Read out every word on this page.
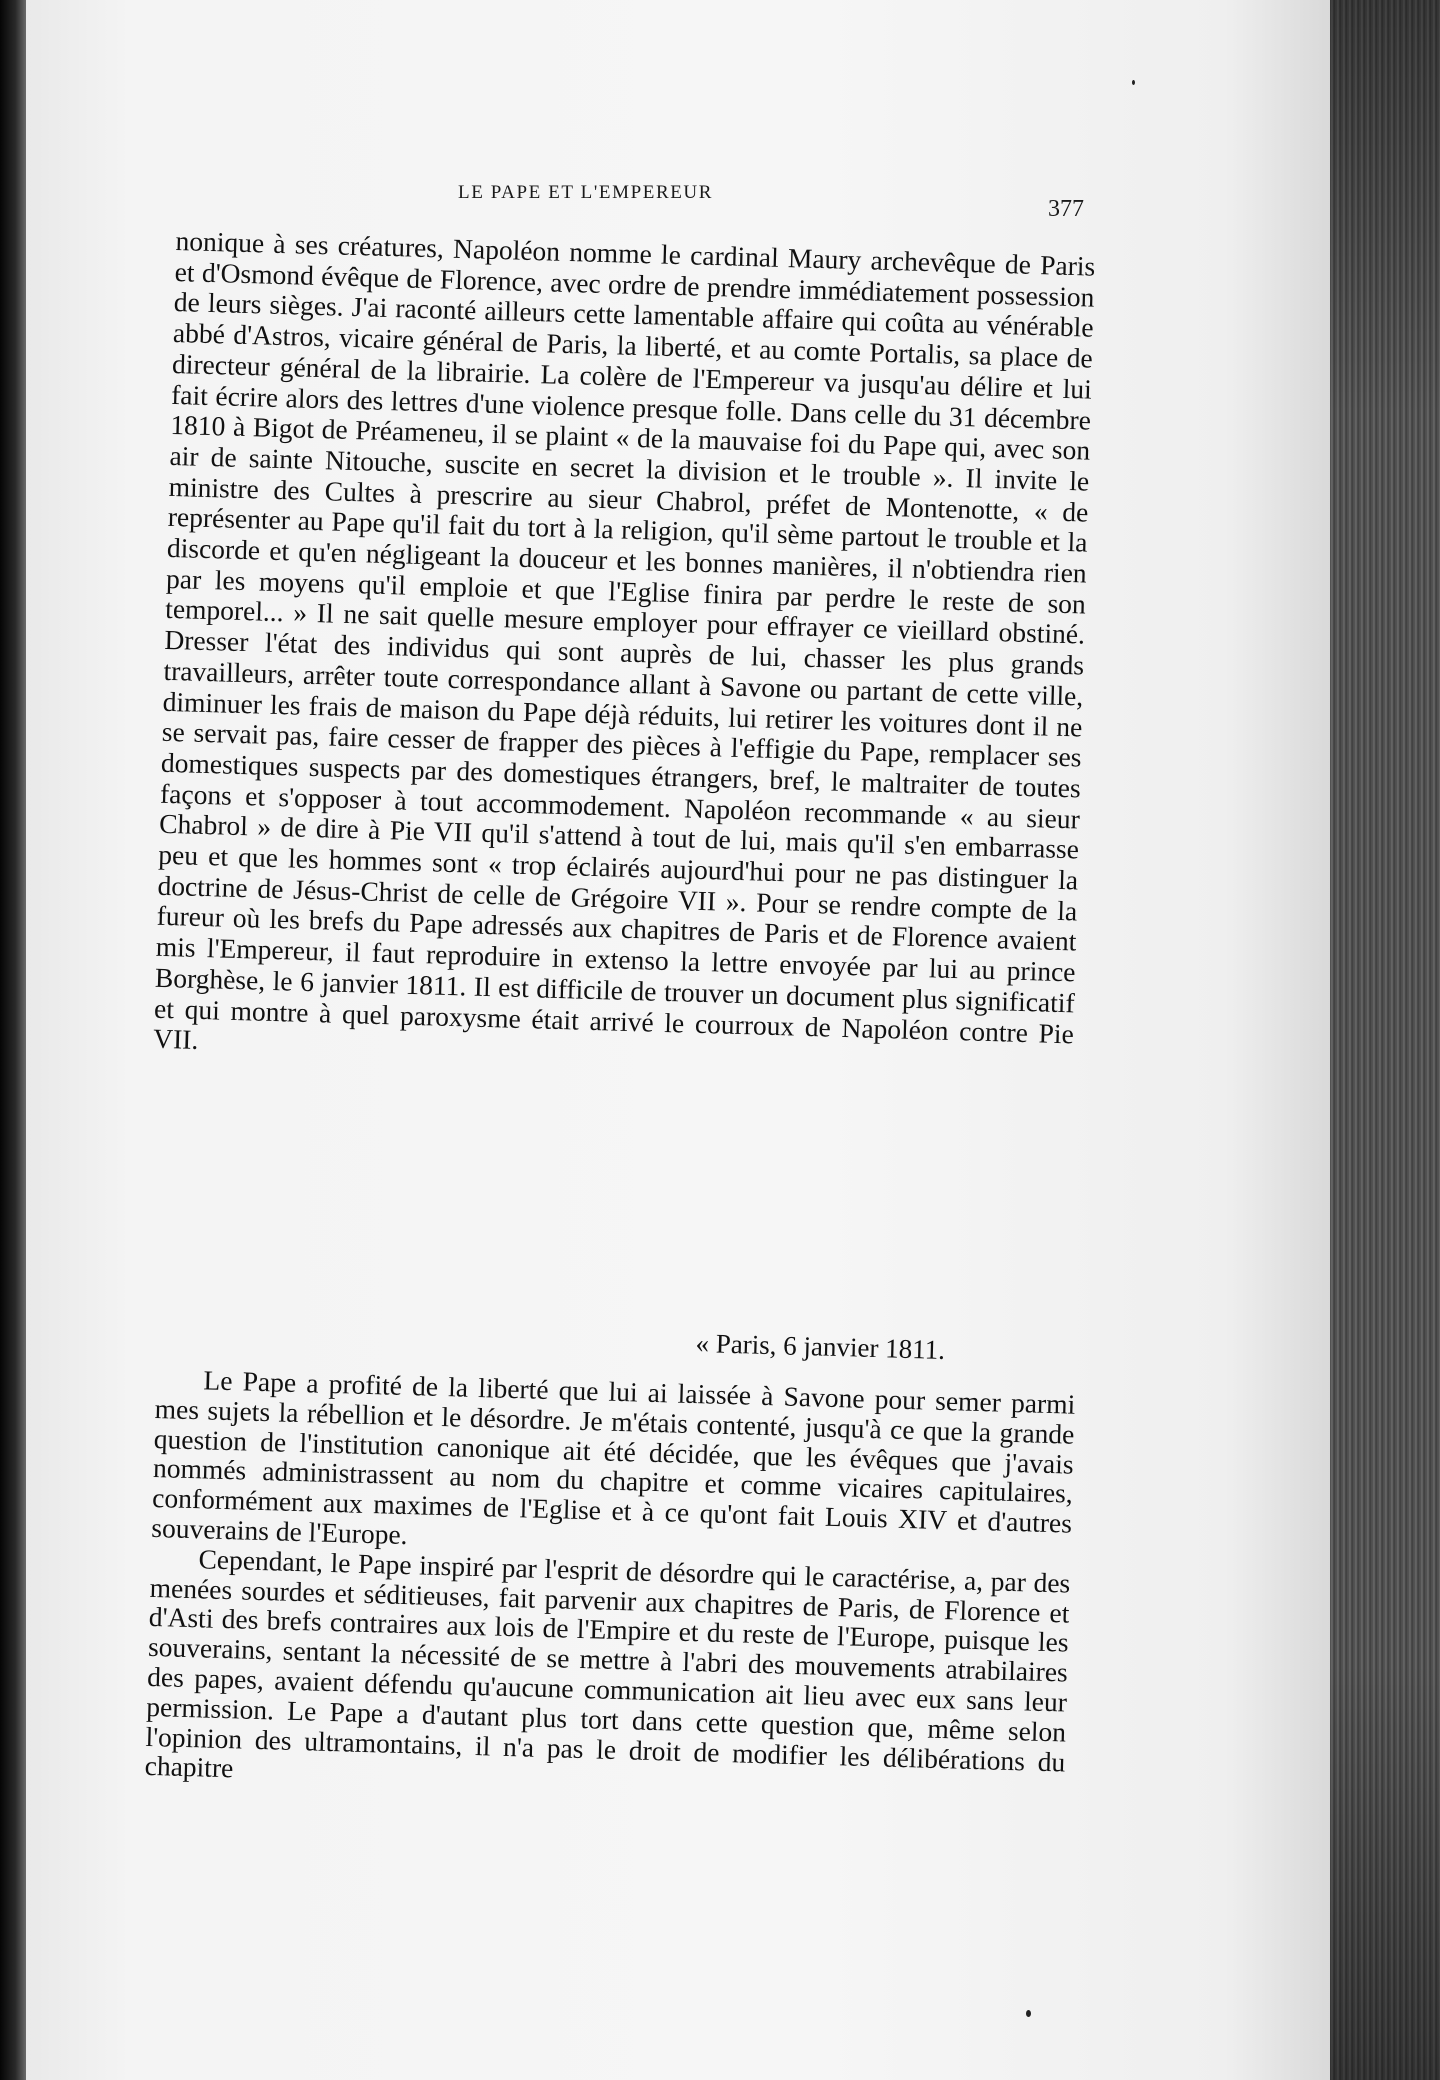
LE PAPE ET L'EMPEREUR
377
nonique à ses créatures, Napoléon nomme le cardinal Maury archevêque de Paris et d'Osmond évêque de Florence, avec ordre de prendre immédiatement possession de leurs sièges. J'ai raconté ailleurs cette lamentable affaire qui coûta au vénérable abbé d'Astros, vicaire général de Paris, la liberté, et au comte Portalis, sa place de directeur général de la librairie. La colère de l'Empereur va jusqu'au délire et lui fait écrire alors des lettres d'une violence presque folle. Dans celle du 31 décembre 1810 à Bigot de Préameneu, il se plaint « de la mauvaise foi du Pape qui, avec son air de sainte Nitouche, suscite en secret la division et le trouble ». Il invite le ministre des Cultes à prescrire au sieur Chabrol, préfet de Montenotte, « de représenter au Pape qu'il fait du tort à la religion, qu'il sème partout le trouble et la discorde et qu'en négligeant la douceur et les bonnes manières, il n'obtiendra rien par les moyens qu'il emploie et que l'Eglise finira par perdre le reste de son temporel... » Il ne sait quelle mesure employer pour effrayer ce vieillard obstiné. Dresser l'état des individus qui sont auprès de lui, chasser les plus grands travailleurs, arrêter toute correspondance allant à Savone ou partant de cette ville, diminuer les frais de maison du Pape déjà réduits, lui retirer les voitures dont il ne se servait pas, faire cesser de frapper des pièces à l'effigie du Pape, remplacer ses domestiques suspects par des domestiques étrangers, bref, le maltraiter de toutes façons et s'opposer à tout accommodement. Napoléon recommande « au sieur Chabrol » de dire à Pie VII qu'il s'attend à tout de lui, mais qu'il s'en embarrasse peu et que les hommes sont « trop éclairés aujourd'hui pour ne pas distinguer la doctrine de Jésus-Christ de celle de Grégoire VII ». Pour se rendre compte de la fureur où les brefs du Pape adressés aux chapitres de Paris et de Florence avaient mis l'Empereur, il faut reproduire in extenso la lettre envoyée par lui au prince Borghèse, le 6 janvier 1811. Il est difficile de trouver un document plus significatif et qui montre à quel paroxysme était arrivé le courroux de Napoléon contre Pie VII.
« Paris, 6 janvier 1811.

Le Pape a profité de la liberté que lui ai laissée à Savone pour semer parmi mes sujets la rébellion et le désordre. Je m'étais contenté, jusqu'à ce que la grande question de l'institution canonique ait été décidée, que les évêques que j'avais nommés administrassent au nom du chapitre et comme vicaires capitulaires, conformément aux maximes de l'Eglise et à ce qu'ont fait Louis XIV et d'autres souverains de l'Europe.

Cependant, le Pape inspiré par l'esprit de désordre qui le caractérise, a, par des menées sourdes et séditieuses, fait parvenir aux chapitres de Paris, de Florence et d'Asti des brefs contraires aux lois de l'Empire et du reste de l'Europe, puisque les souverains, sentant la nécessité de se mettre à l'abri des mouvements atrabilaires des papes, avaient défendu qu'aucune communication ait lieu avec eux sans leur permission. Le Pape a d'autant plus tort dans cette question que, même selon l'opinion des ultramontains, il n'a pas le droit de modifier les délibérations du chapitre
